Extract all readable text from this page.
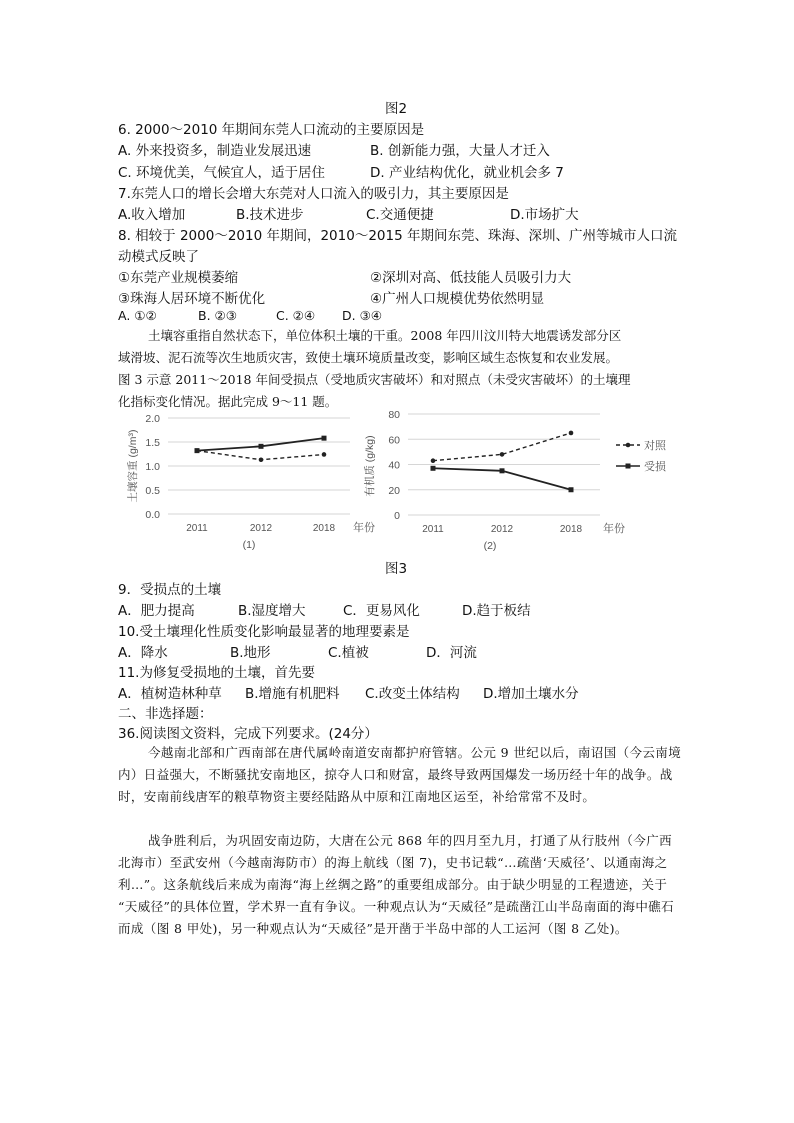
图2
6. 2000～2010 年期间东莞人口流动的主要原因是
A. 外来投资多，制造业发展迅速	B. 创新能力强，大量人才迁入
C. 环境优美，气候宜人，适于居住	D. 产业结构优化，就业机会多 7
7.东莞人口的增长会增大东莞对人口流入的吸引力，其主要原因是
A.收入增加	B.技术进步	C.交通便捷	D.市场扩大
8. 相较于 2000～2010 年期间，2010～2015 年期间东莞、珠海、深圳、广州等城市人口流
动模式反映了
①东莞产业规模萎缩	②深圳对高、低技能人员吸引力大
③珠海人居环境不断优化	④广州人口规模优势依然明显
A. ①②	B. ②③	C. ②④ D. ③④
土壤容重指自然状态下，单位体积土壤的干重。2008 年四川汶川特大地震诱发部分区
域滑坡、泥石流等次生地质灾害，致使土壤环境质量改变，影响区域生态恢复和农业发展。
图 3 示意 2011～2018 年间受损点（受地质灾害破坏）和对照点（未受灾害破坏）的土壤理
化指标变化情况。据此完成 9～11 题。
0.0
0.5
1.0
1.5
2.0
2011	2012	2018 年份
土壤容重 (g/m³)
(1)
0
20
40
60
80
2011	2012	2018 年份
有机质 (g/kg)
(2)
对照
受损
图3
9．受损点的土壤
A．肥力提高	B.湿度增大	C．更易风化	D.趋于板结
10.受土壤理化性质变化影响最显著的地理要素是
A．降水	B.地形	C.植被	D．河流
11.为修复受损地的土壤，首先要
A．植树造林种草 B.增施有机肥料 C.改变土体结构 D.增加土壤水分
二、非选择题：
36.阅读图文资料，完成下列要求。(24分）
今越南北部和广西南部在唐代属岭南道安南都护府管辖。公元 9 世纪以后，南诏国（今云南境内）日益强大，不断骚扰安南地区，掠夺人口和财富，最终导致两国爆发一场历经十年的战争。战时，安南前线唐军的粮草物资主要经陆路从中原和江南地区运至，补给常常不及时。
战争胜利后，为巩固安南边防，大唐在公元 868 年的四月至九月，打通了从行肢州（今广西北海市）至武安州（今越南海防市）的海上航线（图 7)，史书记载“…疏凿‘天威径’、以通南海之利…”。这条航线后来成为南海“海上丝绸之路”的重要组成部分。由于缺少明显的工程遗迹，关于 “天威径”的具体位置，学术界一直有争议。一种观点认为“天威径”是疏凿江山半岛南面的海中礁石而成（图 8 甲处)，另一种观点认为“天威径”是开凿于半岛中部的人工运河（图 8 乙处)。
